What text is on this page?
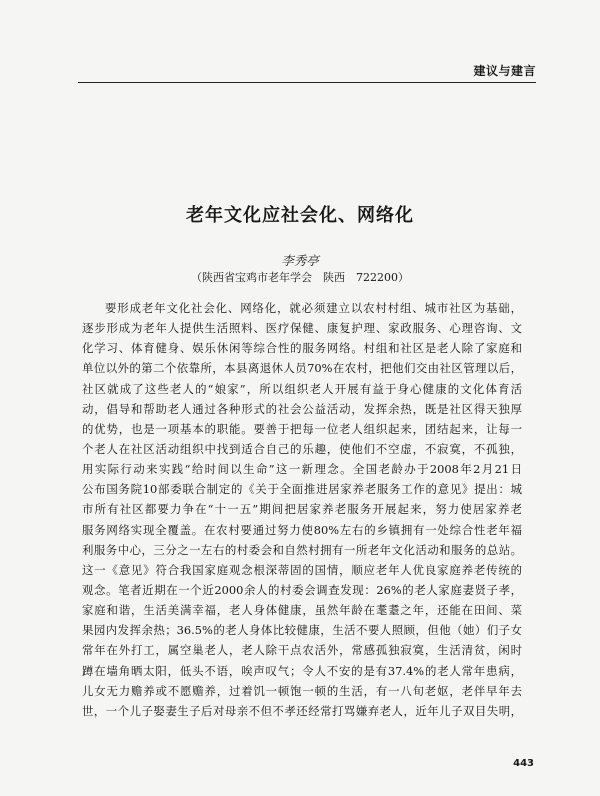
建议与建言
老年文化应社会化、网络化
李秀亭
（陕西省宝鸡市老年学会　陕西　722200）
要形成老年文化社会化、网络化，就必须建立以农村村组、城市社区为基础，
逐步形成为老年人提供生活照料、医疗保健、康复护理、家政服务、心理咨询、文
化学习、体育健身、娱乐休闲等综合性的服务网络。村组和社区是老人除了家庭和
单位以外的第二个依靠所，本县离退休人员70%在农村，把他们交由社区管理以后，
社区就成了这些老人的“娘家”，所以组织老人开展有益于身心健康的文化体育活
动，倡导和帮助老人通过各种形式的社会公益活动，发挥余热，既是社区得天独厚
的优势，也是一项基本的职能。要善于把每一位老人组织起来，团结起来，让每一
个老人在社区活动组织中找到适合自己的乐趣，使他们不空虚，不寂寞，不孤独，
用实际行动来实践“给时间以生命”这一新理念。全国老龄办于2008年2月21日
公布国务院10部委联合制定的《关于全面推进居家养老服务工作的意见》提出：城
市所有社区都要力争在“十一五”期间把居家养老服务开展起来，努力使居家养老
服务网络实现全覆盖。在农村要通过努力使80%左右的乡镇拥有一处综合性老年福
利服务中心，三分之一左右的村委会和自然村拥有一所老年文化活动和服务的总站。
这一《意见》符合我国家庭观念根深蒂固的国情，顺应老年人优良家庭养老传统的
观念。笔者近期在一个近2000余人的村委会调查发现：26%的老人家庭妻贤子孝，
家庭和谐，生活美满幸福，老人身体健康，虽然年龄在耄耋之年，还能在田间、菜
果园内发挥余热；36.5%的老人身体比较健康，生活不要人照顾，但他（她）们子女
常年在外打工，属空巢老人，老人除干点农活外，常感孤独寂寞，生活清贫，闲时
蹲在墙角晒太阳，低头不语，唉声叹气；令人不安的是有37.4%的老人常年患病，
儿女无力赡养或不愿赡养，过着饥一顿饱一顿的生活，有一八旬老妪，老伴早年去
世，一个儿子娶妻生子后对母亲不但不孝还经常打骂嫌弃老人，近年儿子双目失明，
443
